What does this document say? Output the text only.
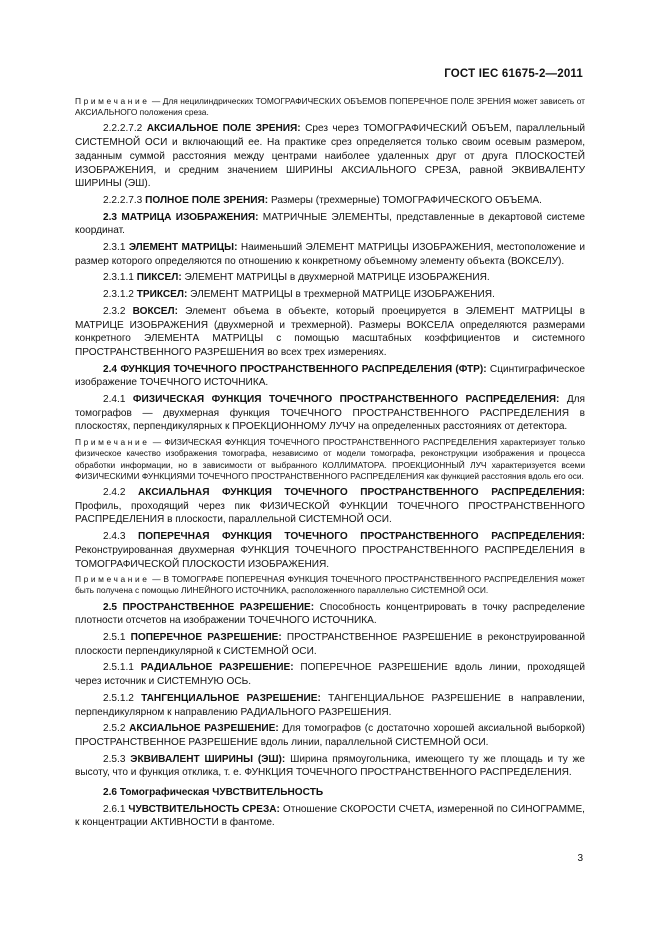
ГОСТ IEC 61675-2—2011

Примечание — Для нецилиндрических ТОМОГРАФИЧЕСКИХ ОБЪЕМОВ ПОПЕРЕЧНОЕ ПОЛЕ ЗРЕНИЯ может зависеть от АКСИАЛЬНОГО положения среза.

2.2.2.7.2 АКСИАЛЬНОЕ ПОЛЕ ЗРЕНИЯ: Срез через ТОМОГРАФИЧЕСКИЙ ОБЪЕМ, параллельный СИСТЕМНОЙ ОСИ и включающий ее. На практике срез определяется только своим осевым размером, заданным суммой расстояния между центрами наиболее удаленных друг от друга ПЛОСКОСТЕЙ ИЗОБРАЖЕНИЯ, и средним значением ШИРИНЫ АКСИАЛЬНОГО СРЕЗА, равной ЭКВИВАЛЕНТУ ШИРИНЫ (ЭШ).

2.2.2.7.3 ПОЛНОЕ ПОЛЕ ЗРЕНИЯ: Размеры (трехмерные) ТОМОГРАФИЧЕСКОГО ОБЪЕМА.

2.3 МАТРИЦА ИЗОБРАЖЕНИЯ: МАТРИЧНЫЕ ЭЛЕМЕНТЫ, представленные в декартовой системе координат.

2.3.1 ЭЛЕМЕНТ МАТРИЦЫ: Наименьший ЭЛЕМЕНТ МАТРИЦЫ ИЗОБРАЖЕНИЯ, местоположение и размер которого определяются по отношению к конкретному объемному элементу объекта (ВОКСЕЛУ).

2.3.1.1 ПИКСЕЛ: ЭЛЕМЕНТ МАТРИЦЫ в двухмерной МАТРИЦЕ ИЗОБРАЖЕНИЯ.

2.3.1.2 ТРИКСЕЛ: ЭЛЕМЕНТ МАТРИЦЫ в трехмерной МАТРИЦЕ ИЗОБРАЖЕНИЯ.

2.3.2 ВОКСЕЛ: Элемент объема в объекте, который проецируется в ЭЛЕМЕНТ МАТРИЦЫ в МАТРИЦЕ ИЗОБРАЖЕНИЯ (двухмерной и трехмерной). Размеры ВОКСЕЛА определяются размерами конкретного ЭЛЕМЕНТА МАТРИЦЫ с помощью масштабных коэффициентов и системного ПРОСТРАНСТВЕННОГО РАЗРЕШЕНИЯ во всех трех измерениях.

2.4 ФУНКЦИЯ ТОЧЕЧНОГО ПРОСТРАНСТВЕННОГО РАСПРЕДЕЛЕНИЯ (ФТР): Сцинтиграфическое изображение ТОЧЕЧНОГО ИСТОЧНИКА.

2.4.1 ФИЗИЧЕСКАЯ ФУНКЦИЯ ТОЧЕЧНОГО ПРОСТРАНСТВЕННОГО РАСПРЕДЕЛЕНИЯ: Для томографов — двухмерная функция ТОЧЕЧНОГО ПРОСТРАНСТВЕННОГО РАСПРЕДЕЛЕНИЯ в плоскостях, перпендикулярных к ПРОЕКЦИОННОМУ ЛУЧУ на определенных расстояниях от детектора.

Примечание — ФИЗИЧЕСКАЯ ФУНКЦИЯ ТОЧЕЧНОГО ПРОСТРАНСТВЕННОГО РАСПРЕДЕЛЕНИЯ характеризует только физическое качество изображения томографа, независимо от модели томографа, реконструкции изображения и процесса обработки информации, но в зависимости от выбранного КОЛЛИМАТОРА. ПРОЕКЦИОННЫЙ ЛУЧ характеризуется всеми ФИЗИЧЕСКИМИ ФУНКЦИЯМИ ТОЧЕЧНОГО ПРОСТРАНСТВЕННОГО РАСПРЕДЕЛЕНИЯ как функцией расстояния вдоль его оси.

2.4.2 АКСИАЛЬНАЯ ФУНКЦИЯ ТОЧЕЧНОГО ПРОСТРАНСТВЕННОГО РАСПРЕДЕЛЕНИЯ: Профиль, проходящий через пик ФИЗИЧЕСКОЙ ФУНКЦИИ ТОЧЕЧНОГО ПРОСТРАНСТВЕННОГО РАСПРЕДЕЛЕНИЯ в плоскости, параллельной СИСТЕМНОЙ ОСИ.

2.4.3 ПОПЕРЕЧНАЯ ФУНКЦИЯ ТОЧЕЧНОГО ПРОСТРАНСТВЕННОГО РАСПРЕДЕЛЕНИЯ: Реконструированная двухмерная ФУНКЦИЯ ТОЧЕЧНОГО ПРОСТРАНСТВЕННОГО РАСПРЕДЕЛЕНИЯ в ТОМОГРАФИЧЕСКОЙ ПЛОСКОСТИ ИЗОБРАЖЕНИЯ.

Примечание — В ТОМОГРАФЕ ПОПЕРЕЧНАЯ ФУНКЦИЯ ТОЧЕЧНОГО ПРОСТРАНСТВЕННОГО РАСПРЕДЕЛЕНИЯ может быть получена с помощью ЛИНЕЙНОГО ИСТОЧНИКА, расположенного параллельно СИСТЕМНОЙ ОСИ.

2.5 ПРОСТРАНСТВЕННОЕ РАЗРЕШЕНИЕ: Способность концентрировать в точку распределение плотности отсчетов на изображении ТОЧЕЧНОГО ИСТОЧНИКА.

2.5.1 ПОПЕРЕЧНОЕ РАЗРЕШЕНИЕ: ПРОСТРАНСТВЕННОЕ РАЗРЕШЕНИЕ в реконструированной плоскости перпендикулярной к СИСТЕМНОЙ ОСИ.

2.5.1.1 РАДИАЛЬНОЕ РАЗРЕШЕНИЕ: ПОПЕРЕЧНОЕ РАЗРЕШЕНИЕ вдоль линии, проходящей через источник и СИСТЕМНУЮ ОСЬ.

2.5.1.2 ТАНГЕНЦИАЛЬНОЕ РАЗРЕШЕНИЕ: ТАНГЕНЦИАЛЬНОЕ РАЗРЕШЕНИЕ в направлении, перпендикулярном к направлению РАДИАЛЬНОГО РАЗРЕШЕНИЯ.

2.5.2 АКСИАЛЬНОЕ РАЗРЕШЕНИЕ: Для томографов (с достаточно хорошей аксиальной выборкой) ПРОСТРАНСТВЕННОЕ РАЗРЕШЕНИЕ вдоль линии, параллельной СИСТЕМНОЙ ОСИ.

2.5.3 ЭКВИВАЛЕНТ ШИРИНЫ (ЭШ): Ширина прямоугольника, имеющего ту же площадь и ту же высоту, что и функция отклика, т. е. ФУНКЦИЯ ТОЧЕЧНОГО ПРОСТРАНСТВЕННОГО РАСПРЕДЕЛЕНИЯ.

2.6 Томографическая ЧУВСТВИТЕЛЬНОСТЬ

2.6.1 ЧУВСТВИТЕЛЬНОСТЬ СРЕЗА: Отношение СКОРОСТИ СЧЕТА, измеренной по СИНОГРАММЕ, к концентрации АКТИВНОСТИ в фантоме.

3
